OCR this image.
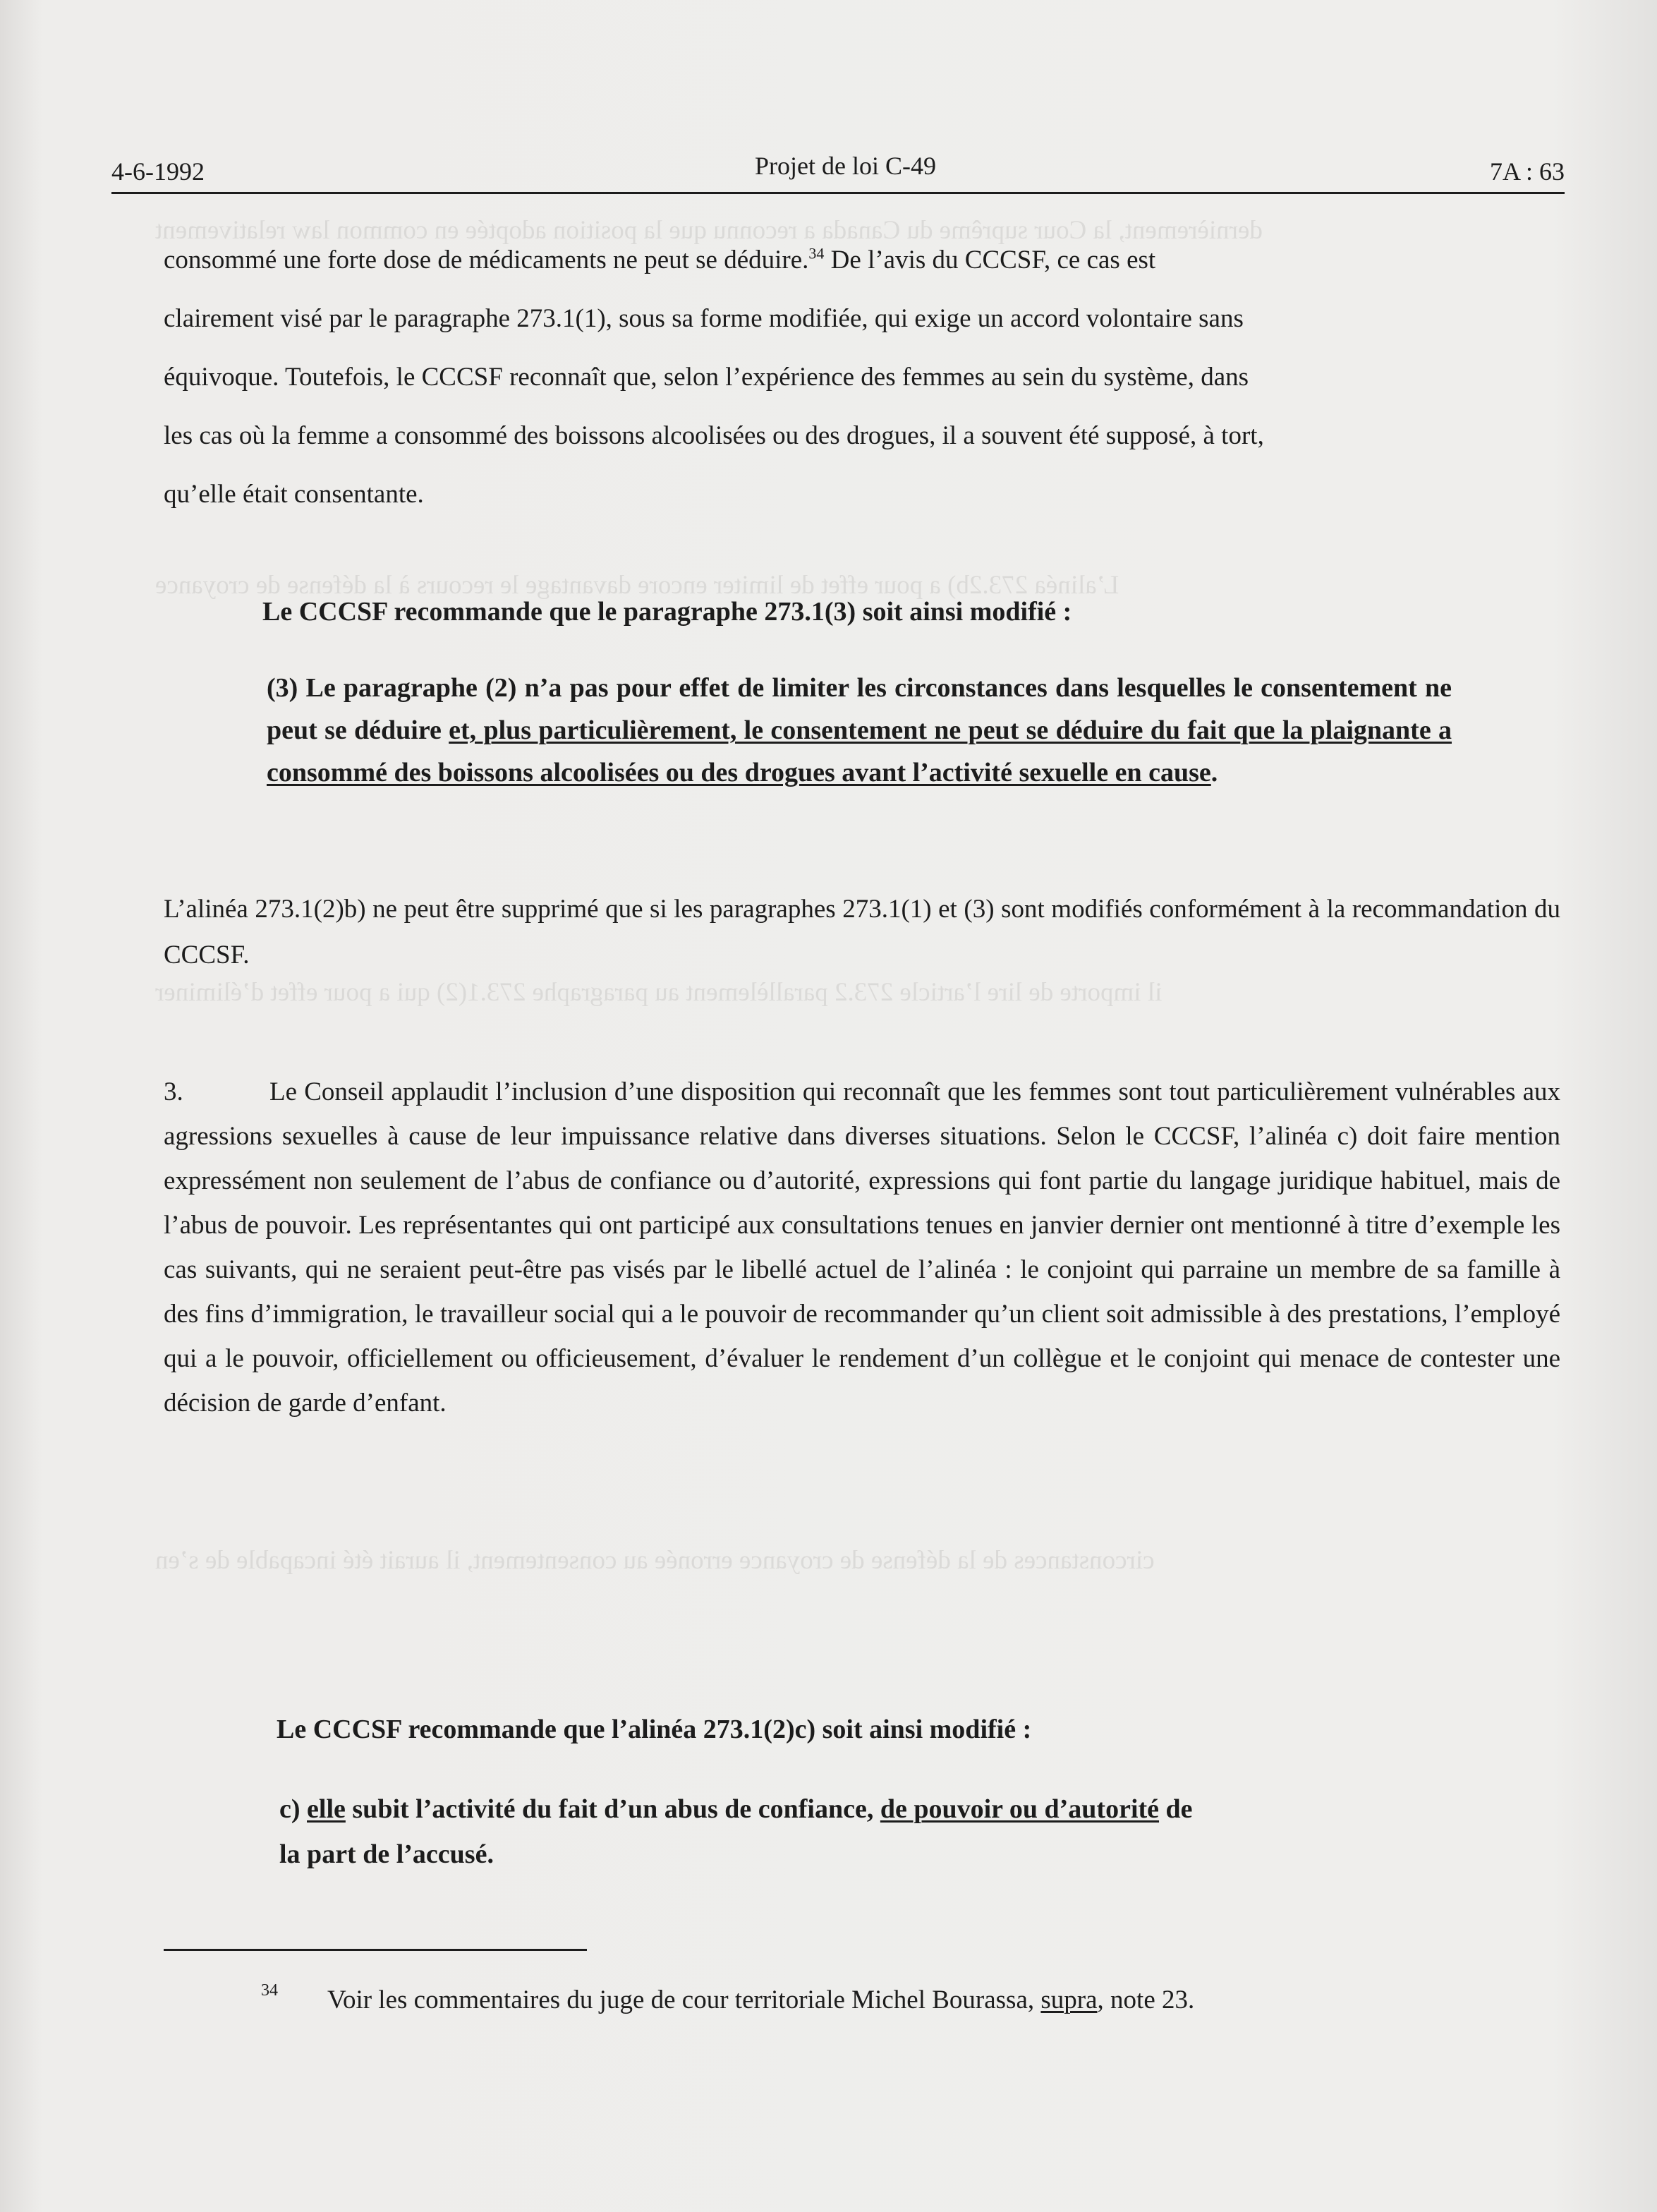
dernièrement, la Cour suprême du Canada a reconnu que la position adoptée en common law relativement
L’alinéa 273.2b) a pour effet de limiter encore davantage le recours à la défense de croyance
il importe de lire l’article 273.2 parallèlement au paragraphe 273.1(2) qui a pour effet d’éliminer
circonstances de la défense de croyance erronée au consentement, il aurait été incapable de s’en
4-6-1992	Projet de loi C-49	7A : 63

consommé une forte dose de médicaments ne peut se déduire.$^{34}$ De l’avis du CCCSF, ce cas est

clairement visé par le paragraphe 273.1(1), sous sa forme modifiée, qui exige un accord volontaire sans

équivoque. Toutefois, le CCCSF reconnaît que, selon l’expérience des femmes au sein du système, dans

les cas où la femme a consommé des boissons alcoolisées ou des drogues, il a souvent été supposé, à tort,

qu’elle était consentante.

Le CCCSF recommande que le paragraphe 273.1(3) soit ainsi modifié :
(3) Le paragraphe (2) n’a pas pour effet de limiter les circonstances dans lesquelles le consentement ne peut se déduire et, plus particulièrement, le consentement ne peut se déduire du fait que la plaignante a consommé des boissons alcoolisées ou des drogues avant l’activité sexuelle en cause.
L’alinéa 273.1(2)b) ne peut être supprimé que si les paragraphes 273.1(1) et (3) sont modifiés conformément à la recommandation du CCCSF.
3.	Le Conseil applaudit l’inclusion d’une disposition qui reconnaît que les femmes sont tout particulièrement vulnérables aux agressions sexuelles à cause de leur impuissance relative dans diverses situations. Selon le CCCSF, l’alinéa c) doit faire mention expressément non seulement de l’abus de confiance ou d’autorité, expressions qui font partie du langage juridique habituel, mais de l’abus de pouvoir. Les représentantes qui ont participé aux consultations tenues en janvier dernier ont mentionné à titre d’exemple les cas suivants, qui ne seraient peut-être pas visés par le libellé actuel de l’alinéa : le conjoint qui parraine un membre de sa famille à des fins d’immigration, le travailleur social qui a le pouvoir de recommander qu’un client soit admissible à des prestations, l’employé qui a le pouvoir, officiellement ou officieusement, d’évaluer le rendement d’un collègue et le conjoint qui menace de contester une décision de garde d’enfant.
Le CCCSF recommande que l’alinéa 273.1(2)c) soit ainsi modifié :
c) elle subit l’activité du fait d’un abus de confiance, de pouvoir ou d’autorité de
la part de l’accusé.
34 Voir les commentaires du juge de cour territoriale Michel Bourassa, supra, note 23.
